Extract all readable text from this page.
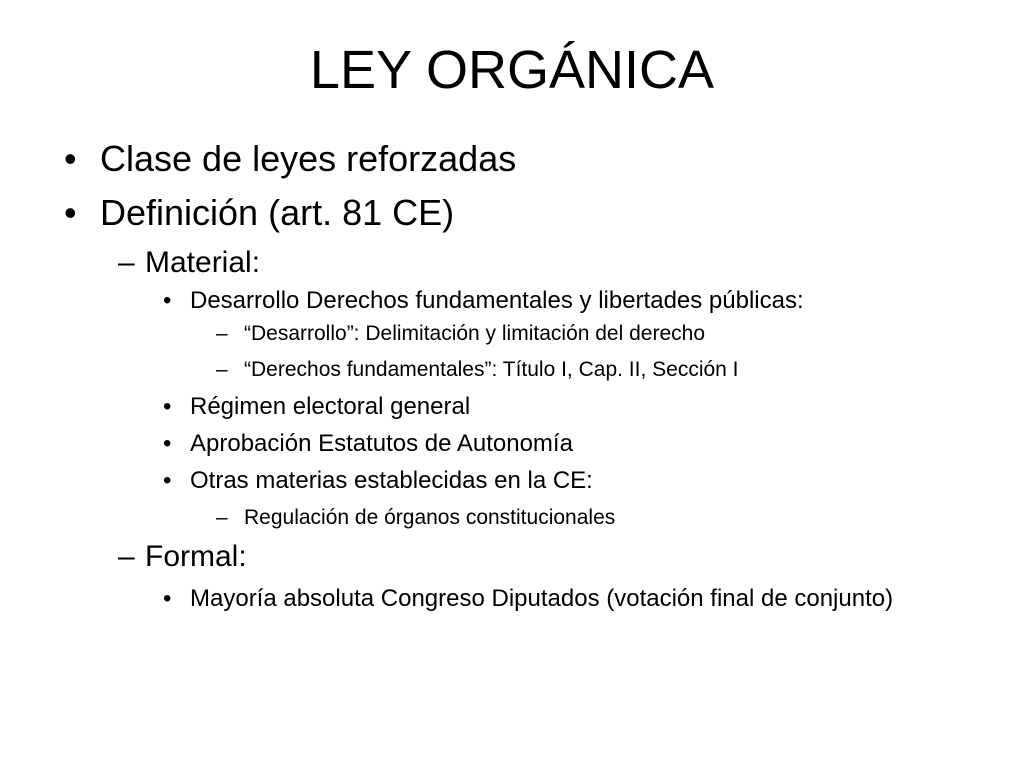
LEY ORGÁNICA
• Clase de leyes reforzadas
• Definición (art. 81 CE)
– Material:
• Desarrollo Derechos fundamentales y libertades públicas:
– “Desarrollo”: Delimitación y limitación del derecho
– “Derechos fundamentales”: Título I, Cap. II, Sección I
• Régimen electoral general
• Aprobación Estatutos de Autonomía
• Otras materias establecidas en la CE:
– Regulación de órganos constitucionales
– Formal:
• Mayoría absoluta Congreso Diputados (votación final de conjunto)
